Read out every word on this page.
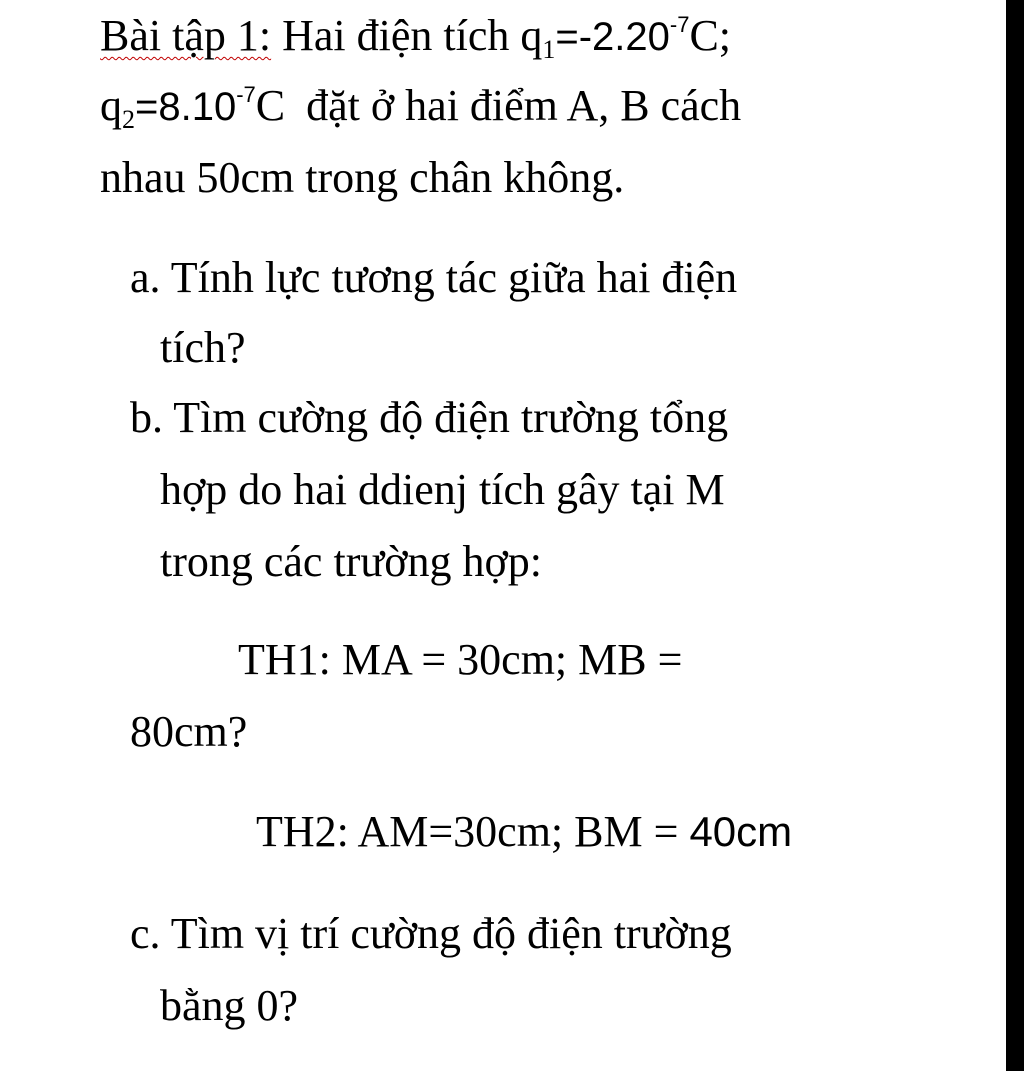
Bài tập 1: Hai điện tích $q_1=-2.20^{-7}C$;
$q_2=8.10^{-7}C$ đặt ở hai điểm A, B cách
nhau 50cm trong chân không.
a. Tính lực tương tác giữa hai điện
tích?
b. Tìm cường độ điện trường tổng
hợp do hai ddienj tích gây tại M
trong các trường hợp:
TH1: MA = 30cm; MB =
80cm?
TH2: AM=30cm; BM = 40cm
c. Tìm vị trí cường độ điện trường
bằng 0?
